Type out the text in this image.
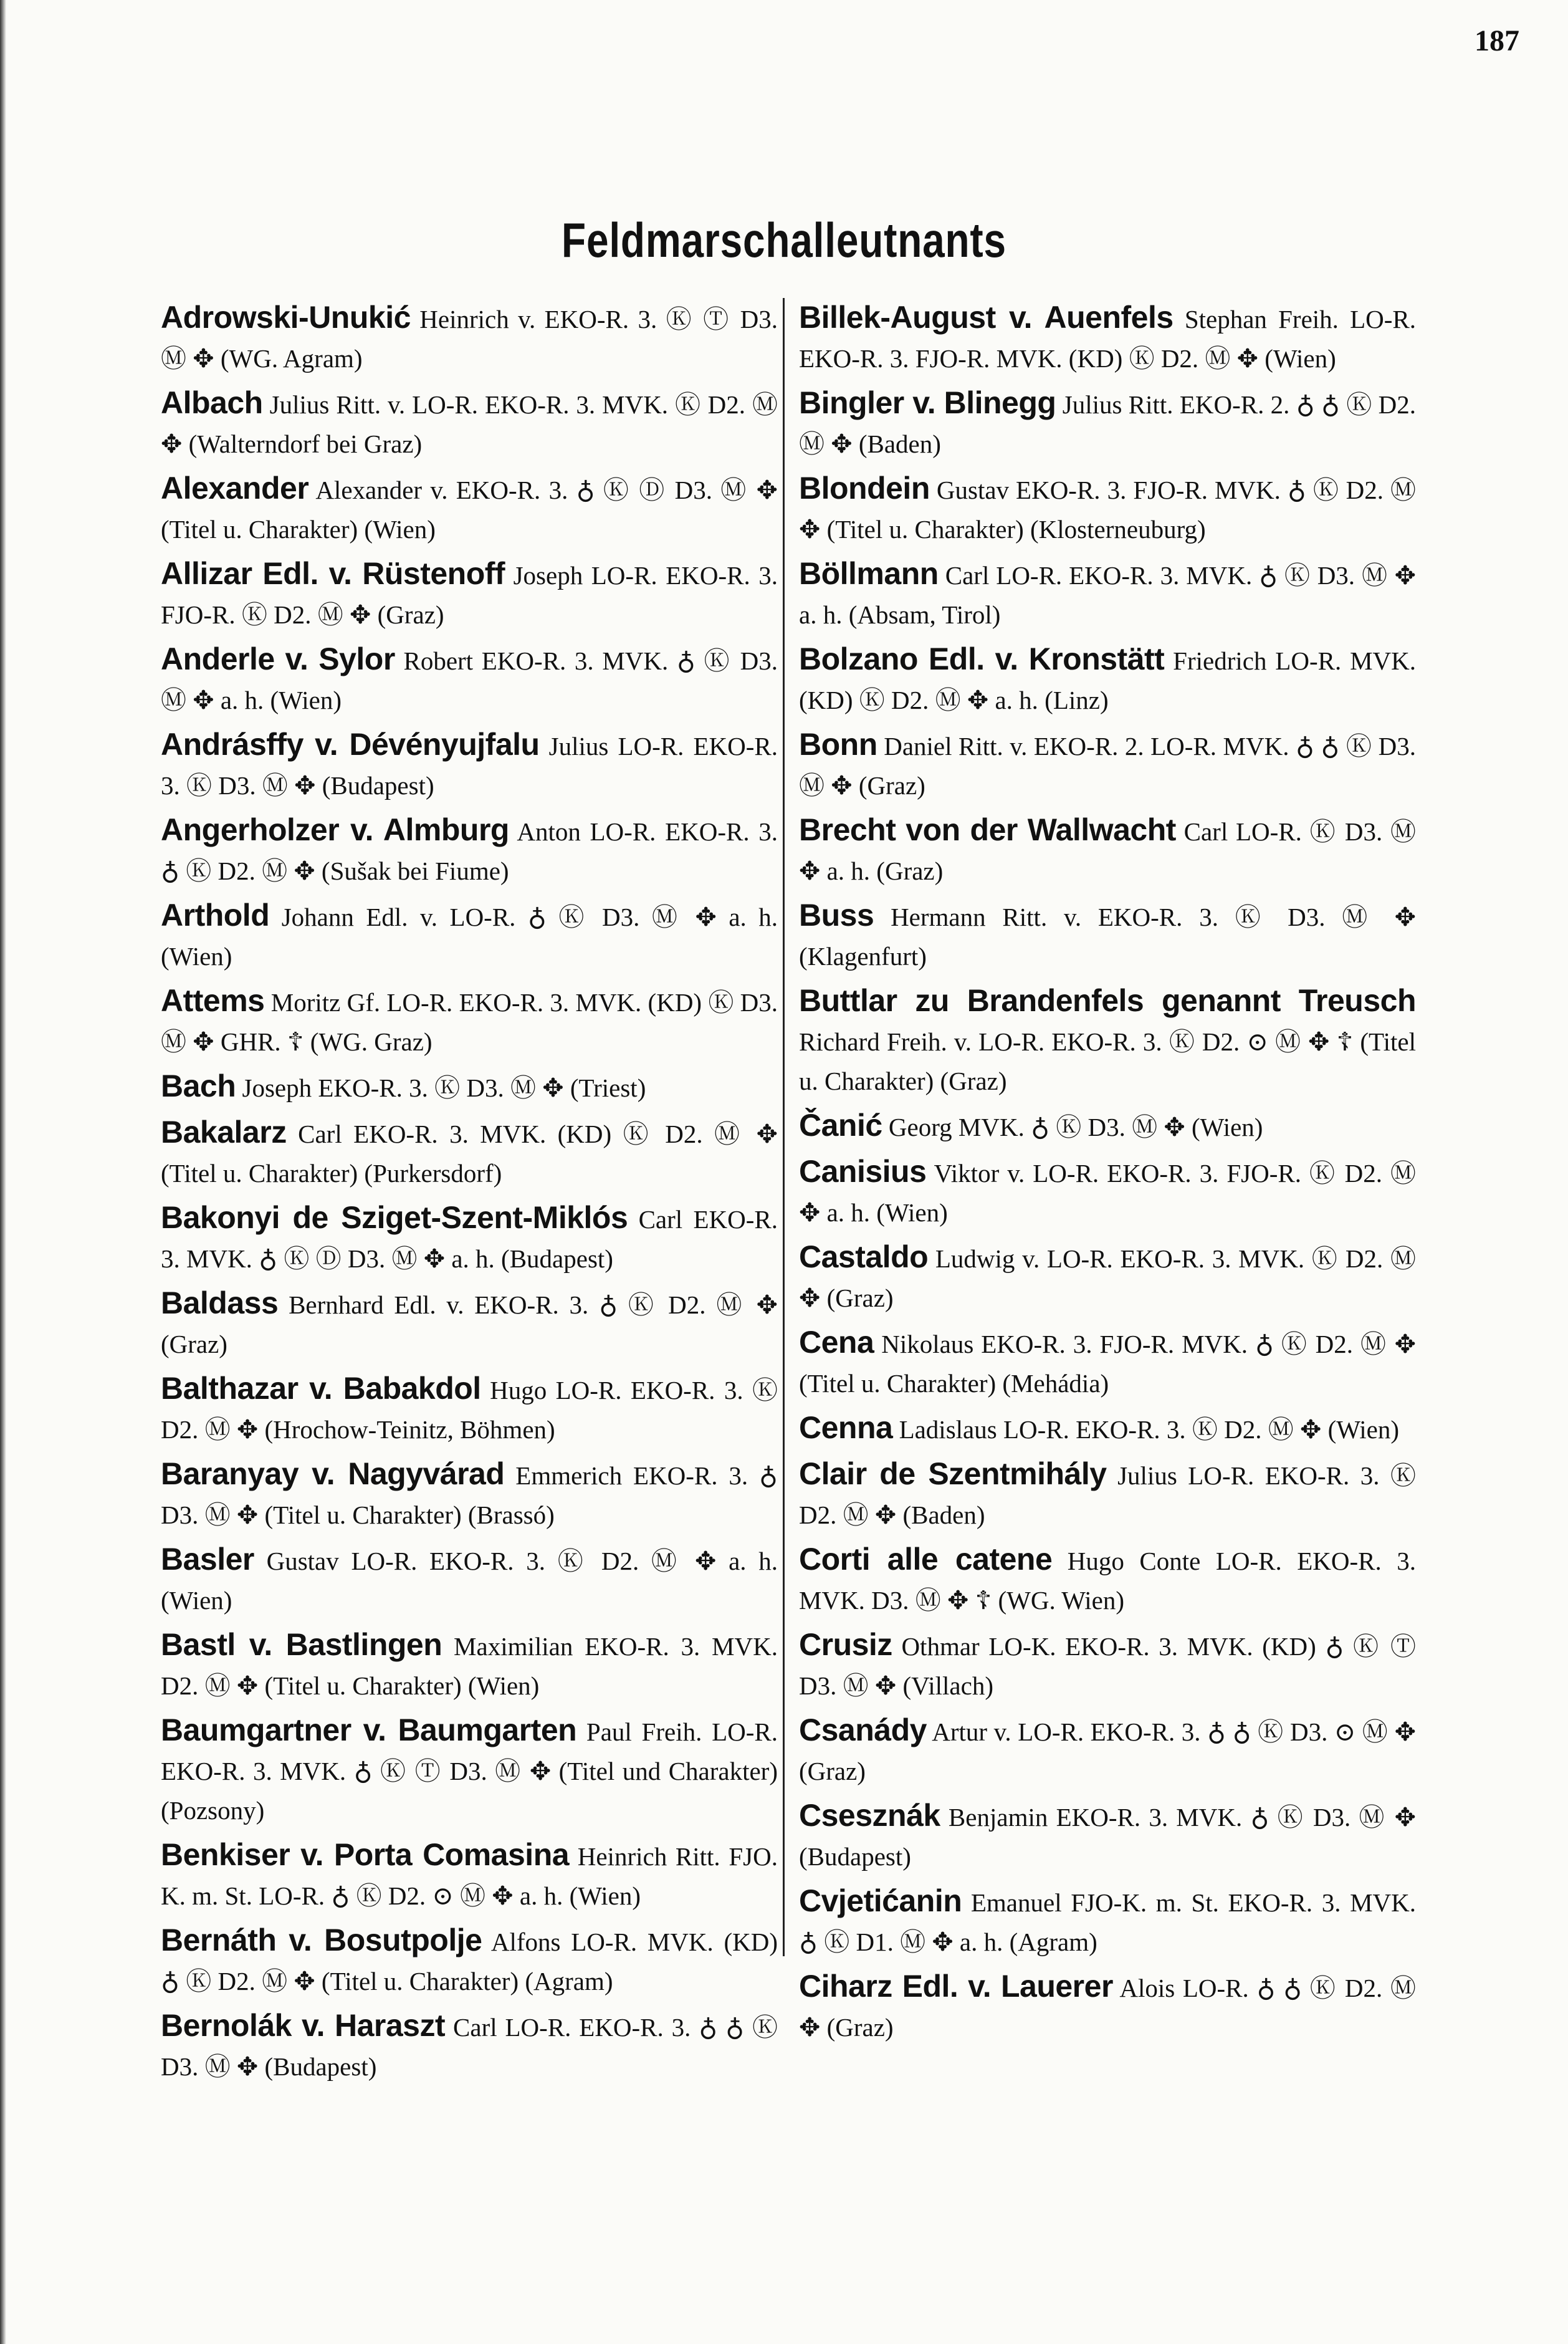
187
Feldmarschalleutnants

Adrowski-Unukić Heinrich v. EKO-R. 3. Ⓚ Ⓣ D3. Ⓜ ✥ (WG. Agram)

Albach Julius Ritt. v. LO-R. EKO-R. 3. MVK. Ⓚ D2. Ⓜ ✥ (Walterndorf bei Graz)

Alexander Alexander v. EKO-R. 3. ♁ Ⓚ Ⓓ D3. Ⓜ ✥ (Titel u. Charakter) (Wien)

Allizar Edl. v. Rüstenoff Joseph LO-R. EKO-R. 3. FJO-R. Ⓚ D2. Ⓜ ✥ (Graz)

Anderle v. Sylor Robert EKO-R. 3. MVK. ♁ Ⓚ D3. Ⓜ ✥ a. h. (Wien)

Andrásffy v. Dévényujfalu Julius LO-R. EKO-R. 3. Ⓚ D3. Ⓜ ✥ (Budapest)

Angerholzer v. Almburg Anton LO-R. EKO-R. 3. ♁ Ⓚ D2. Ⓜ ✥ (Sušak bei Fiume)

Arthold Johann Edl. v. LO-R. ♁ Ⓚ D3. Ⓜ ✥ a. h. (Wien)

Attems Moritz Gf. LO-R. EKO-R. 3. MVK. (KD) Ⓚ D3. Ⓜ ✥ GHR. ☦ (WG. Graz)

Bach Joseph EKO-R. 3. Ⓚ D3. Ⓜ ✥ (Triest)

Bakalarz Carl EKO-R. 3. MVK. (KD) Ⓚ D2. Ⓜ ✥ (Titel u. Charakter) (Purkersdorf)

Bakonyi de Sziget-Szent-Miklós Carl EKO-R. 3. MVK. ♁ Ⓚ Ⓓ D3. Ⓜ ✥ a. h. (Budapest)

Baldass Bernhard Edl. v. EKO-R. 3. ♁ Ⓚ D2. Ⓜ ✥ (Graz)

Balthazar v. Babakdol Hugo LO-R. EKO-R. 3. Ⓚ D2. Ⓜ ✥ (Hrochow-Teinitz, Böhmen)

Baranyay v. Nagyvárad Emmerich EKO-R. 3. ♁ D3. Ⓜ ✥ (Titel u. Charakter) (Brassó)

Basler Gustav LO-R. EKO-R. 3. Ⓚ D2. Ⓜ ✥ a. h. (Wien)

Bastl v. Bastlingen Maximilian EKO-R. 3. MVK. D2. Ⓜ ✥ (Titel u. Charakter) (Wien)

Baumgartner v. Baumgarten Paul Freih. LO-R. EKO-R. 3. MVK. ♁ Ⓚ Ⓣ D3. Ⓜ ✥ (Titel und Charakter) (Pozsony)

Benkiser v. Porta Comasina Heinrich Ritt. FJO. K. m. St. LO-R. ♁ Ⓚ D2. ⊙ Ⓜ ✥ a. h. (Wien)

Bernáth v. Bosutpolje Alfons LO-R. MVK. (KD) ♁ Ⓚ D2. Ⓜ ✥ (Titel u. Charakter) (Agram)

Bernolák v. Haraszt Carl LO-R. EKO-R. 3. ♁ ♁ Ⓚ D3. Ⓜ ✥ (Budapest)

Billek-August v. Auenfels Stephan Freih. LO-R. EKO-R. 3. FJO-R. MVK. (KD) Ⓚ D2. Ⓜ ✥ (Wien)

Bingler v. Blinegg Julius Ritt. EKO-R. 2. ♁ ♁ Ⓚ D2. Ⓜ ✥ (Baden)

Blondein Gustav EKO-R. 3. FJO-R. MVK. ♁ Ⓚ D2. Ⓜ ✥ (Titel u. Charakter) (Klosterneuburg)

Böllmann Carl LO-R. EKO-R. 3. MVK. ♁ Ⓚ D3. Ⓜ ✥ a. h. (Absam, Tirol)

Bolzano Edl. v. Kronstätt Friedrich LO-R. MVK. (KD) Ⓚ D2. Ⓜ ✥ a. h. (Linz)

Bonn Daniel Ritt. v. EKO-R. 2. LO-R. MVK. ♁ ♁ Ⓚ D3. Ⓜ ✥ (Graz)

Brecht von der Wallwacht Carl LO-R. Ⓚ D3. Ⓜ ✥ a. h. (Graz)

Buss Hermann Ritt. v. EKO-R. 3. Ⓚ D3. Ⓜ ✥ (Klagenfurt)

Buttlar zu Brandenfels genannt Treusch Richard Freih. v. LO-R. EKO-R. 3. Ⓚ D2. ⊙ Ⓜ ✥ ☦ (Titel u. Charakter) (Graz)

Čanić Georg MVK. ♁ Ⓚ D3. Ⓜ ✥ (Wien)

Canisius Viktor v. LO-R. EKO-R. 3. FJO-R. Ⓚ D2. Ⓜ ✥ a. h. (Wien)

Castaldo Ludwig v. LO-R. EKO-R. 3. MVK. Ⓚ D2. Ⓜ ✥ (Graz)

Cena Nikolaus EKO-R. 3. FJO-R. MVK. ♁ Ⓚ D2. Ⓜ ✥ (Titel u. Charakter) (Mehádia)

Cenna Ladislaus LO-R. EKO-R. 3. Ⓚ D2. Ⓜ ✥ (Wien)

Clair de Szentmihály Julius LO-R. EKO-R. 3. Ⓚ D2. Ⓜ ✥ (Baden)

Corti alle catene Hugo Conte LO-R. EKO-R. 3. MVK. D3. Ⓜ ✥ ☦ (WG. Wien)

Crusiz Othmar LO-K. EKO-R. 3. MVK. (KD) ♁ Ⓚ Ⓣ D3. Ⓜ ✥ (Villach)

Csanády Artur v. LO-R. EKO-R. 3. ♁ ♁ Ⓚ D3. ⊙ Ⓜ ✥ (Graz)

Csesznák Benjamin EKO-R. 3. MVK. ♁ Ⓚ D3. Ⓜ ✥ (Budapest)

Cvjetićanin Emanuel FJO-K. m. St. EKO-R. 3. MVK. ♁ Ⓚ D1. Ⓜ ✥ a. h. (Agram)

Ciharz Edl. v. Lauerer Alois LO-R. ♁ ♁ Ⓚ D2. Ⓜ ✥ (Graz)
